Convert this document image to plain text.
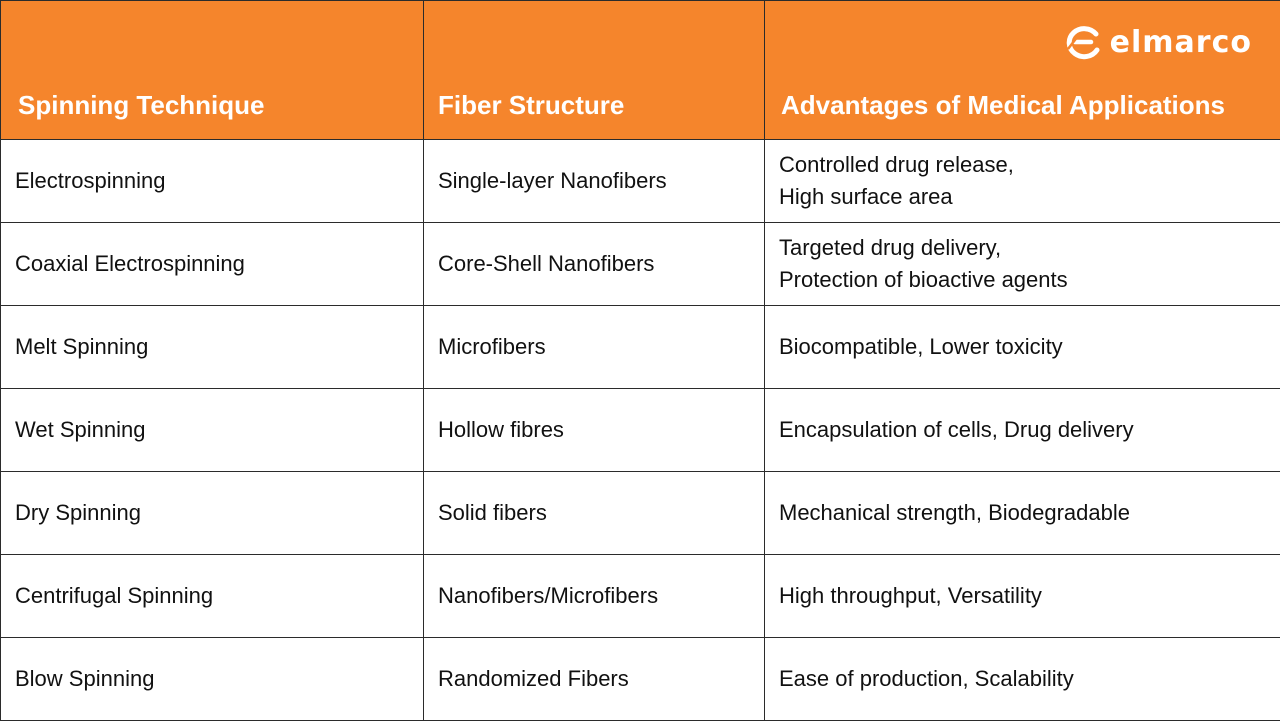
Spinning Technique	Fiber Structure	Advantages of Medical Applications
Electrospinning	Single-layer Nanofibers	Controlled drug release,
High surface area

Coaxial Electrospinning	Core-Shell Nanofibers	Targeted drug delivery,
Protection of bioactive agents

Melt Spinning	Microfibers	Biocompatible, Lower toxicity
Wet Spinning	Hollow fibres	Encapsulation of cells, Drug delivery
Dry Spinning	Solid fibers	Mechanical strength, Biodegradable
Centrifugal Spinning	Nanofibers/Microfibers	High throughput, Versatility
Blow Spinning	Randomized Fibers	Ease of production, Scalability
elmarco
